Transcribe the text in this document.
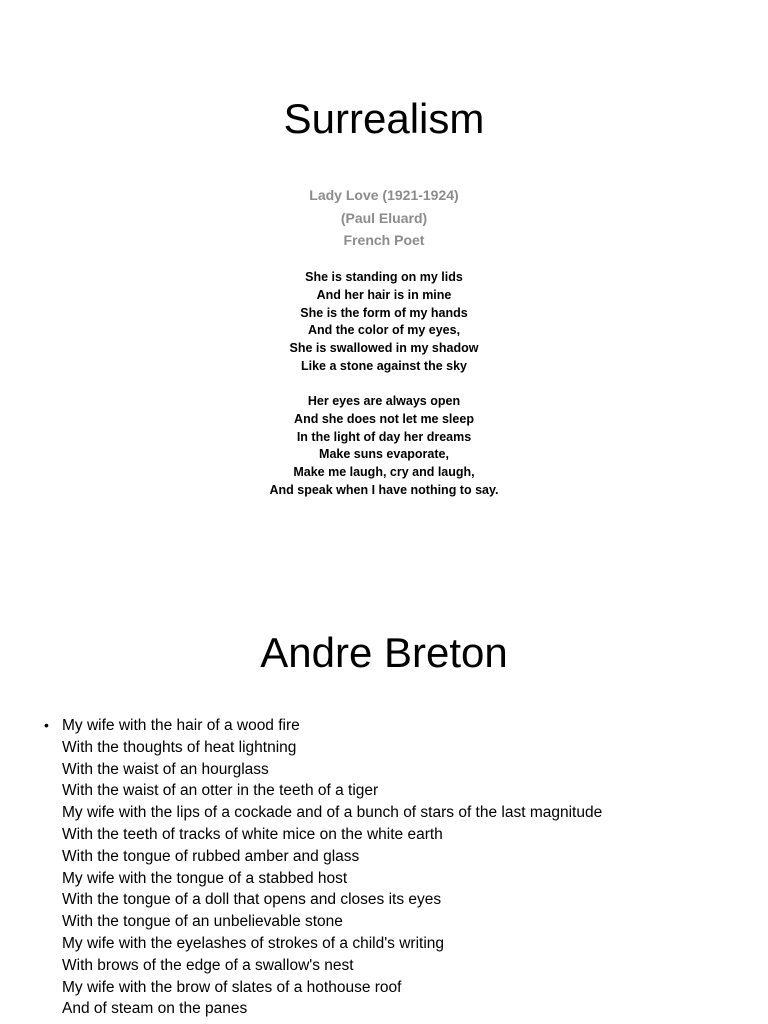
Surrealism
Lady Love (1921-1924)
(Paul Eluard)
French Poet
She is standing on my lids
And her hair is in mine
She is the form of my hands
And the color of my eyes,
She is swallowed in my shadow
Like a stone against the sky
Her eyes are always open
And she does not let me sleep
In the light of day her dreams
Make suns evaporate,
Make me laugh, cry and laugh,
And speak when I have nothing to say.
Andre Breton
• My wife with the hair of a wood fire
With the thoughts of heat lightning
With the waist of an hourglass
With the waist of an otter in the teeth of a tiger
My wife with the lips of a cockade and of a bunch of stars of the last magnitude
With the teeth of tracks of white mice on the white earth
With the tongue of rubbed amber and glass
My wife with the tongue of a stabbed host
With the tongue of a doll that opens and closes its eyes
With the tongue of an unbelievable stone
My wife with the eyelashes of strokes of a child's writing
With brows of the edge of a swallow's nest
My wife with the brow of slates of a hothouse roof
And of steam on the panes
